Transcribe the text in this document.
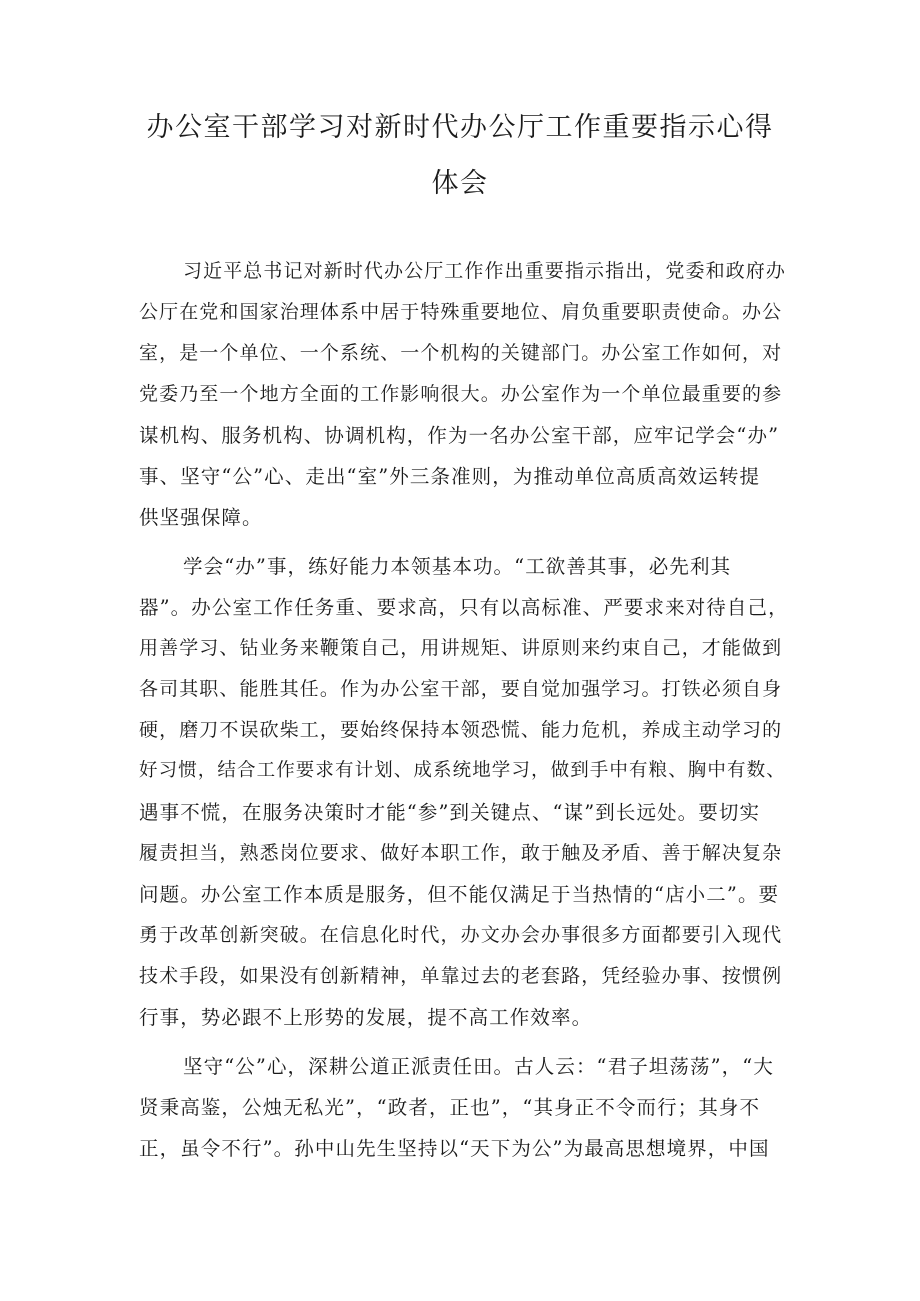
办公室干部学习对新时代办公厅工作重要指示心得
体会
习近平总书记对新时代办公厅工作作出重要指示指出，党委和政府办
公厅在党和国家治理体系中居于特殊重要地位、肩负重要职责使命。办公
室，是一个单位、一个系统、一个机构的关键部门。办公室工作如何，对
党委乃至一个地方全面的工作影响很大。办公室作为一个单位最重要的参
谋机构、服务机构、协调机构，作为一名办公室干部，应牢记学会“办”
事、坚守“公”心、走出“室”外三条准则，为推动单位高质高效运转提
供坚强保障。
学会“办”事，练好能力本领基本功。“工欲善其事，必先利其
器”。办公室工作任务重、要求高，只有以高标准、严要求来对待自己，
用善学习、钻业务来鞭策自己，用讲规矩、讲原则来约束自己，才能做到
各司其职、能胜其任。作为办公室干部，要自觉加强学习。打铁必须自身
硬，磨刀不误砍柴工，要始终保持本领恐慌、能力危机，养成主动学习的
好习惯，结合工作要求有计划、成系统地学习，做到手中有粮、胸中有数、
遇事不慌，在服务决策时才能“参”到关键点、“谋”到长远处。要切实
履责担当，熟悉岗位要求、做好本职工作，敢于触及矛盾、善于解决复杂
问题。办公室工作本质是服务，但不能仅满足于当热情的“店小二”。要
勇于改革创新突破。在信息化时代，办文办会办事很多方面都要引入现代
技术手段，如果没有创新精神，单靠过去的老套路，凭经验办事、按惯例
行事，势必跟不上形势的发展，提不高工作效率。
坚守“公”心，深耕公道正派责任田。古人云：“君子坦荡荡”，“大
贤秉高鉴，公烛无私光”，“政者，正也”，“其身正不令而行；其身不
正，虽令不行”。孙中山先生坚持以“天下为公”为最高思想境界，中国
